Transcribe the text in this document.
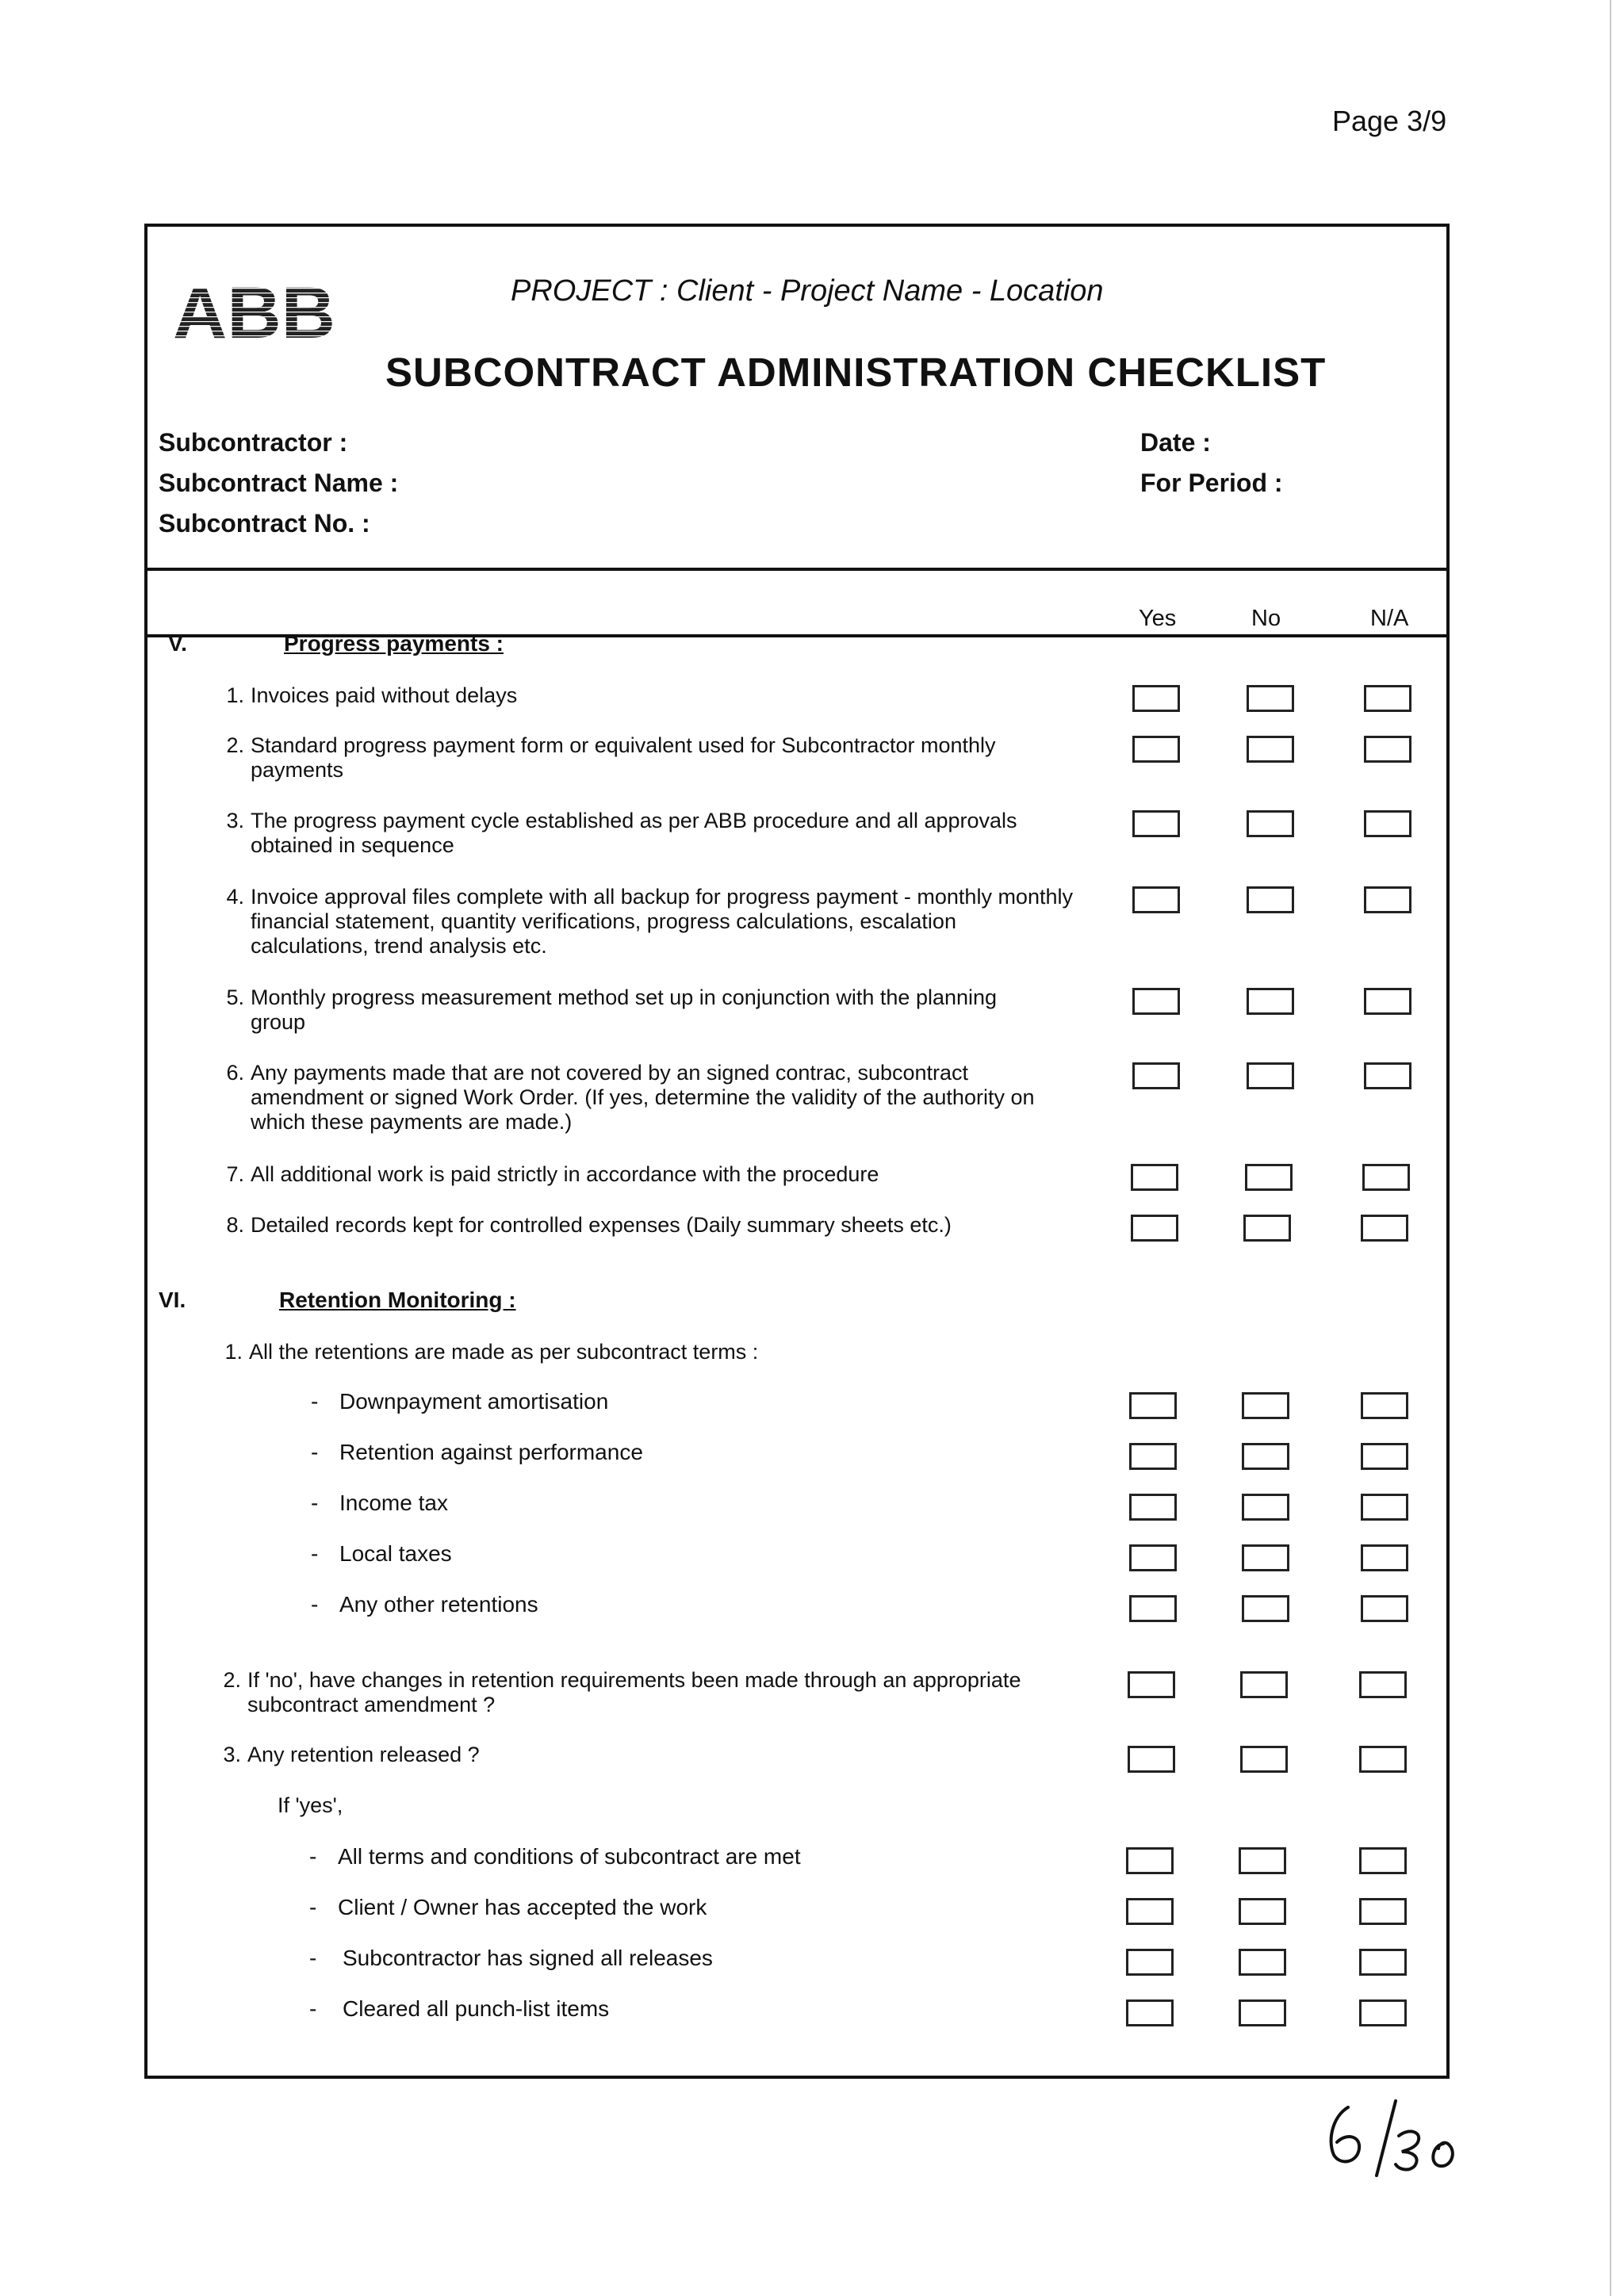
Page 3/9
ABB	PROJECT : Client - Project Name - Location
SUBCONTRACT ADMINISTRATION CHECKLIST
Subcontractor :
Subcontract Name :
Subcontract No. :
Date :
For Period :
Yes	No	N/A
V.	Progress payments :
1. Invoices paid without delays
2. Standard progress payment form or equivalent used for Subcontractor monthly payments
3. The progress payment cycle established as per ABB procedure and all approvals obtained in sequence
4. Invoice approval files complete with all backup for progress payment - monthly monthly financial statement, quantity verifications, progress calculations, escalation calculations, trend analysis etc.
5. Monthly progress measurement method set up in conjunction with the planning group
6. Any payments made that are not covered by an signed contrac, subcontract amendment or signed Work Order. (If yes, determine the validity of the authority on which these payments are made.)
7. All additional work is paid strictly in accordance with the procedure
8. Detailed records kept for controlled expenses (Daily summary sheets etc.)
VI.	Retention Monitoring :
1. All the retentions are made as per subcontract terms :
- Downpayment amortisation
- Retention against performance
- Income tax
- Local taxes
- Any other retentions
2. If 'no', have changes in retention requirements been made through an appropriate subcontract amendment ?
3. Any retention released ?
If 'yes',
- All terms and conditions of subcontract are met
- Client / Owner has accepted the work
- Subcontractor has signed all releases
- Cleared all punch-list items
